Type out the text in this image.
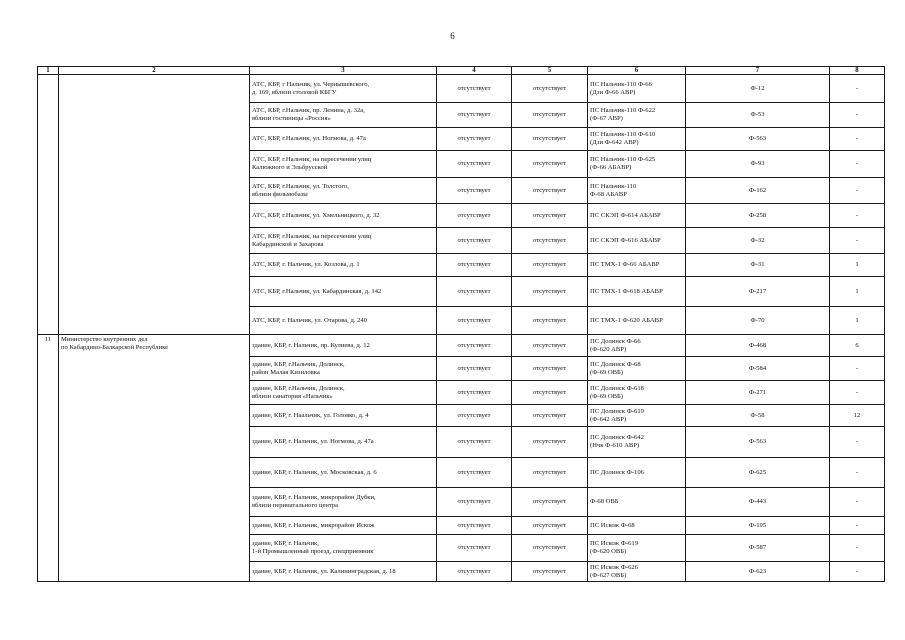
6
1	2	3	4	5	6	7	8

		АТС, КБР, г Нальчик, ул. Чернышевского,
д. 169, вблизи столовой КБГУ	отсутствует	отсутствует	ПС Нальчик-110 Ф-66
(Дзи Ф-66 АВР)	Ф-12	-

		АТС, КБР, г.Нальчик, пр. Ленина, д. 32а,
вблизи гостиницы «Россия»	отсутствует	отсутствует	ПС Нальчик-110 Ф-622
(Ф-67 АВР)	Ф-53	-

		АТС, КБР, г.Нальчик, ул. Ногмова, д. 47а	отсутствует	отсутствует	ПС Нальчик-110 Ф-610
(Дзи Ф-642 АВР)	Ф-563	-

		АТС, КБР, г.Нальчик, на пересечении улиц
Калюжного и Эльбрусской	отсутствует	отсутствует	ПС Нальчик-110 Ф-625
(Ф-66 АБАВР)	Ф-93	-

		АТС, КБР, г.Нальчик, ул. Толстого,
вблизи фильмобазы	отсутствует	отсутствует	ПС Нальчик-110
Ф-68 АБАВР	Ф-162	-

		АТС, КБР, г.Нальчик, ул. Хмельницкого, д. 32	отсутствует	отсутствует	ПС СКЭП Ф-614 АБАВР	Ф-258	-

		АТС, КБР, г.Нальчик, на пересечении улиц
Кабардинской и Захарова	отсутствует	отсутствует	ПС СКЭП Ф-616 АБАВР	Ф-32	-

		АТС, КБР, г. Нальчик, ул. Козлова, д. 1	отсутствует	отсутствует	ПС ТМХ-1 Ф-66 АБАВР	Ф-31	1

		АТС, КБР, г.Нальчик, ул. Кабардинская, д. 142	отсутствует	отсутствует	ПС ТМХ-1 Ф-618 АБАВР	Ф-217	1

		АТС, КБР, г. Нальчик, ул. Отарова, д. 240	отсутствует	отсутствует	ПС ТМХ-1 Ф-620 АБАВР	Ф-70	1
11	Министерство внутренних дел
по Кабардино-Балкарской Республике	здание, КБР, г. Нальчик, пр. Кулиева, д. 12	отсутствует	отсутствует	ПС Долинск Ф-66
(Ф-620 АВР)	Ф-468	6

		здание, КБР, г.Нальчик, Долинск,
район Малая Кизиловка	отсутствует	отсутствует	ПС Долинск Ф-68
(Ф-69 ОВБ)	Ф-584	-

		здание, КБР, г.Нальчик, Долинск,
вблизи санатория «Нальчик»	отсутствует	отсутствует	ПС Долинск Ф-618
(Ф-69 ОВБ)	Ф-271	-

		здание, КБР, г. Наальчик, ул. Головко, д. 4	отсутствует	отсутствует	ПС Долинск Ф-619
(Ф-642 АВР)	Ф-58	12

		здание, КБР, г. Нальчик, ул. Ногмова, д. 47а	отсутствует	отсутствует	ПС Долинск Ф-642
(Нчк Ф-610 АВР)	Ф-563	-

		здание, КБР, г. Нальчик, ул. Московская, д. 6	отсутствует	отсутствует	ПС Долинск Ф-106	Ф-625	-

		здание, КБР, г. Нальчик, микрорайон Дубки,
вблизи перинатального центра	отсутствует	отсутствует	Ф-68 ОВБ	Ф-443	-

		здание, КБР, г. Нальчик, микрорайон Искож	отсутствует	отсутствует	ПС Искож Ф-68	Ф-195	-

		здание, КБР, г. Нальчик,
1-й Промышленный проезд, спецприемник	отсутствует	отсутствует	ПС Искож Ф-619
(Ф-620 ОВБ)	Ф-587	-

		здание, КБР, г. Нальчик, ул. Калининградская, д. 18	отсутствует	отсутствует	ПС Искож Ф-626
(Ф-627 ОВБ)	Ф-623	-
